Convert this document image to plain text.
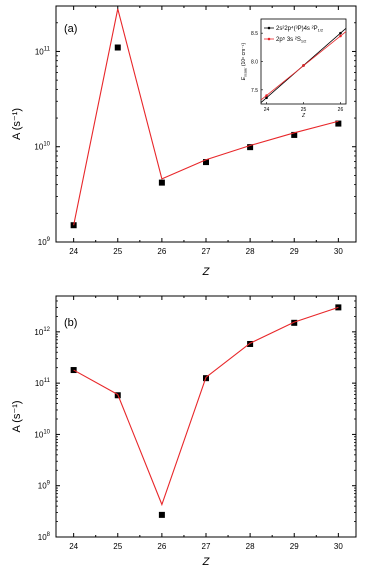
24	25	26	27	28	29	30
$10^9$
$10^{10}$
$10^{11}$
Z
A (s⁻¹)
(a)
24	25	26
7.5
8.0
8.5
Z
$E_{scalar}$ (10⁶ cm⁻¹)
2s²2p⁴(³P)4s $^2P_{1/2}$
2p⁵ 3s $^2S_{1/2}$
24	25	26	27	28	29	30
$10^8$
$10^9$
$10^{10}$
$10^{11}$
$10^{12}$
Z
A (s⁻¹)
(b)
